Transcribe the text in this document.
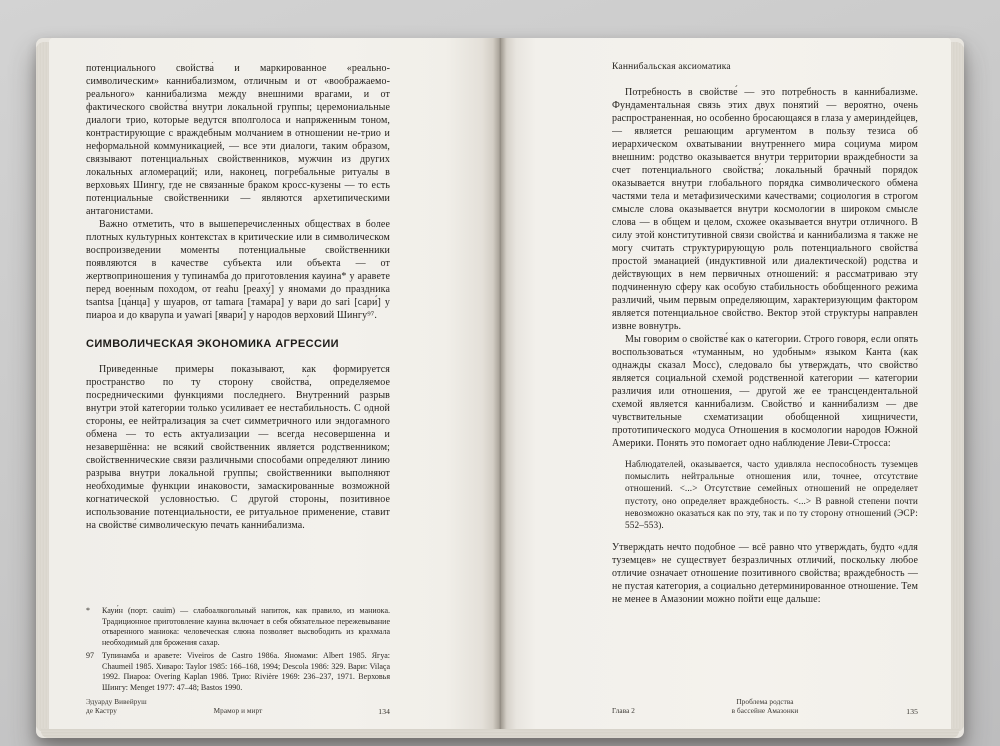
потенциального свойства́ и маркированное «реально-символическим» каннибализмом, отличным и от «воображаемо-реального» каннибализма между внешними врагами, и от фактического свойства́ внутри локальной группы; церемониальные диалоги трио, которые ведутся вполголоса и напряженным тоном, контрастирующие с враждебным молчанием в отношении не-трио и неформальной коммуникацией, — все эти диалоги, таким образом, связывают потенциальных свойственников, мужчин из других локальных агломераций; или, наконец, погребальные ритуалы в верховьях Шингу, где не связанные браком кросс-кузены — то есть потенциальные свойственники — являются архетипическими антагонистами.

Важно отметить, что в вышеперечисленных обществах в более плотных культурных контекстах в критические или в символическом воспроизведении моменты потенциальные свойственники появляются в качестве субъекта или объекта — от жертвоприношения у тупинамба до приготовления кауина* у аравете перед военным походом, от reahu [реаху́] у яномами до праздника tsantsa [ца́нца] у шуаров, от tamara [тама́ра] у вари до sari [сари́] у пиароа и до кварупа и yawari [явари́] у народов верховий Шингу⁹⁷.

СИМВОЛИЧЕСКАЯ ЭКОНОМИКА АГРЕССИИ

Приведенные примеры показывают, как формируется пространство по ту сторону свойства́, определяемое посредническими функциями последнего. Внутренний разрыв внутри этой категории только усиливает ее нестабильность. С одной стороны, ее нейтрализация за счет симметричного или эндогамного обмена — то есть актуализации — всегда несовершенна и незавершённа: не всякий свойственник является родственником; свойственнические связи различными способами определяют линию разрыва внутри локальной группы; свойственники выполняют необходимые функции инаковости, замаскированные возможной когнатической условностью. С другой стороны, позитивное использование потенциальности, ее ритуальное применение, ставит на свойстве́ символическую печать каннибализма.

*	Кауи́н (порт. cauim) — слабоалкогольный напиток, как правило, из маниока. Традиционное приготовление кауина включает в себя обязательное пережевывание отваренного маниока: человеческая слюна позволяет высвободить из крахмала необходимый для брожения сахар.
97	Тупинамба и аравете: Viveiros de Castro 1986a. Яномами: Albert 1985. Ягуа: Chaumeil 1985. Хиваро: Taylor 1985: 166–168, 1994; Descola 1986: 329. Вари: Vilaça 1992. Пиароа: Overing Kaplan 1986. Трио: Rivière 1969: 236–237, 1971. Верховья Шингу: Menget 1977: 47–48; Bastos 1990.
Эдуарду Вивейруш
де Кастру	Мрамор и мирт	134
Каннибальская аксиоматика

Потребность в свойстве́ — это потребность в каннибализме. Фундаментальная связь этих двух понятий — вероятно, очень распространенная, но особенно бросающаяся в глаза у америндейцев, — является решающим аргументом в пользу тезиса об иерархическом охватывании внутреннего мира социума миром внешним: родство оказывается внутри территории враждебности за счет потенциального свойства́; локальный брачный порядок оказывается внутри глобального порядка символического обмена частями тела и метафизическими качествами; социология в строгом смысле слова оказывается внутри космологии в широком смысле слова — в общем и целом, схожее оказывается внутри отличного. В силу этой конститутивной связи свойства́ и каннибализма я также не могу считать структурирующую роль потенциального свойства́ простой эманацией (индуктивной или диалектической) родства и действующих в нем первичных отношений: я рассматриваю эту подчиненную сферу как особую стабильность обобщенного режима различий, чьим первым определяющим, характеризующим фактором является потенциальное свойство. Вектор этой структуры направлен извне вовнутрь.

Мы говорим о свойстве́ как о категории. Строго говоря, если опять воспользоваться «туманным, но удобным» языком Канта (как однажды сказал Мосс), следовало бы утверждать, что свойство́ является социальной схемой родственной категории — категории различия или отношения, — другой же ее трансцендентальной схемой является каннибализм. Свойство́ и каннибализм — две чувствительные схематизации обобщенной хищничести, прототипического модуса Отношения в космологии народов Южной Америки. Понять это помогает одно наблюдение Леви-Стросса:

Наблюдателей, оказывается, часто удивляла неспособность туземцев помыслить нейтральные отношения или, точнее, отсутствие отношений. <...> Отсутствие семейных отношений не определяет пустоту, оно определяет враждебность. <...> В равной степени почти невозможно оказаться как по эту, так и по ту сторону отношений (ЭСР: 552–553).

Утверждать нечто подобное — всё равно что утверждать, будто «для туземцев» не существует безразличных отличий, поскольку любое отличие означает отношение позитивного свойства; враждебность — не пустая категория, а социально детерминированное отношение. Тем не менее в Амазонии можно пойти еще дальше:

Глава 2
Проблема родства
в бассейне Амазонки	135
